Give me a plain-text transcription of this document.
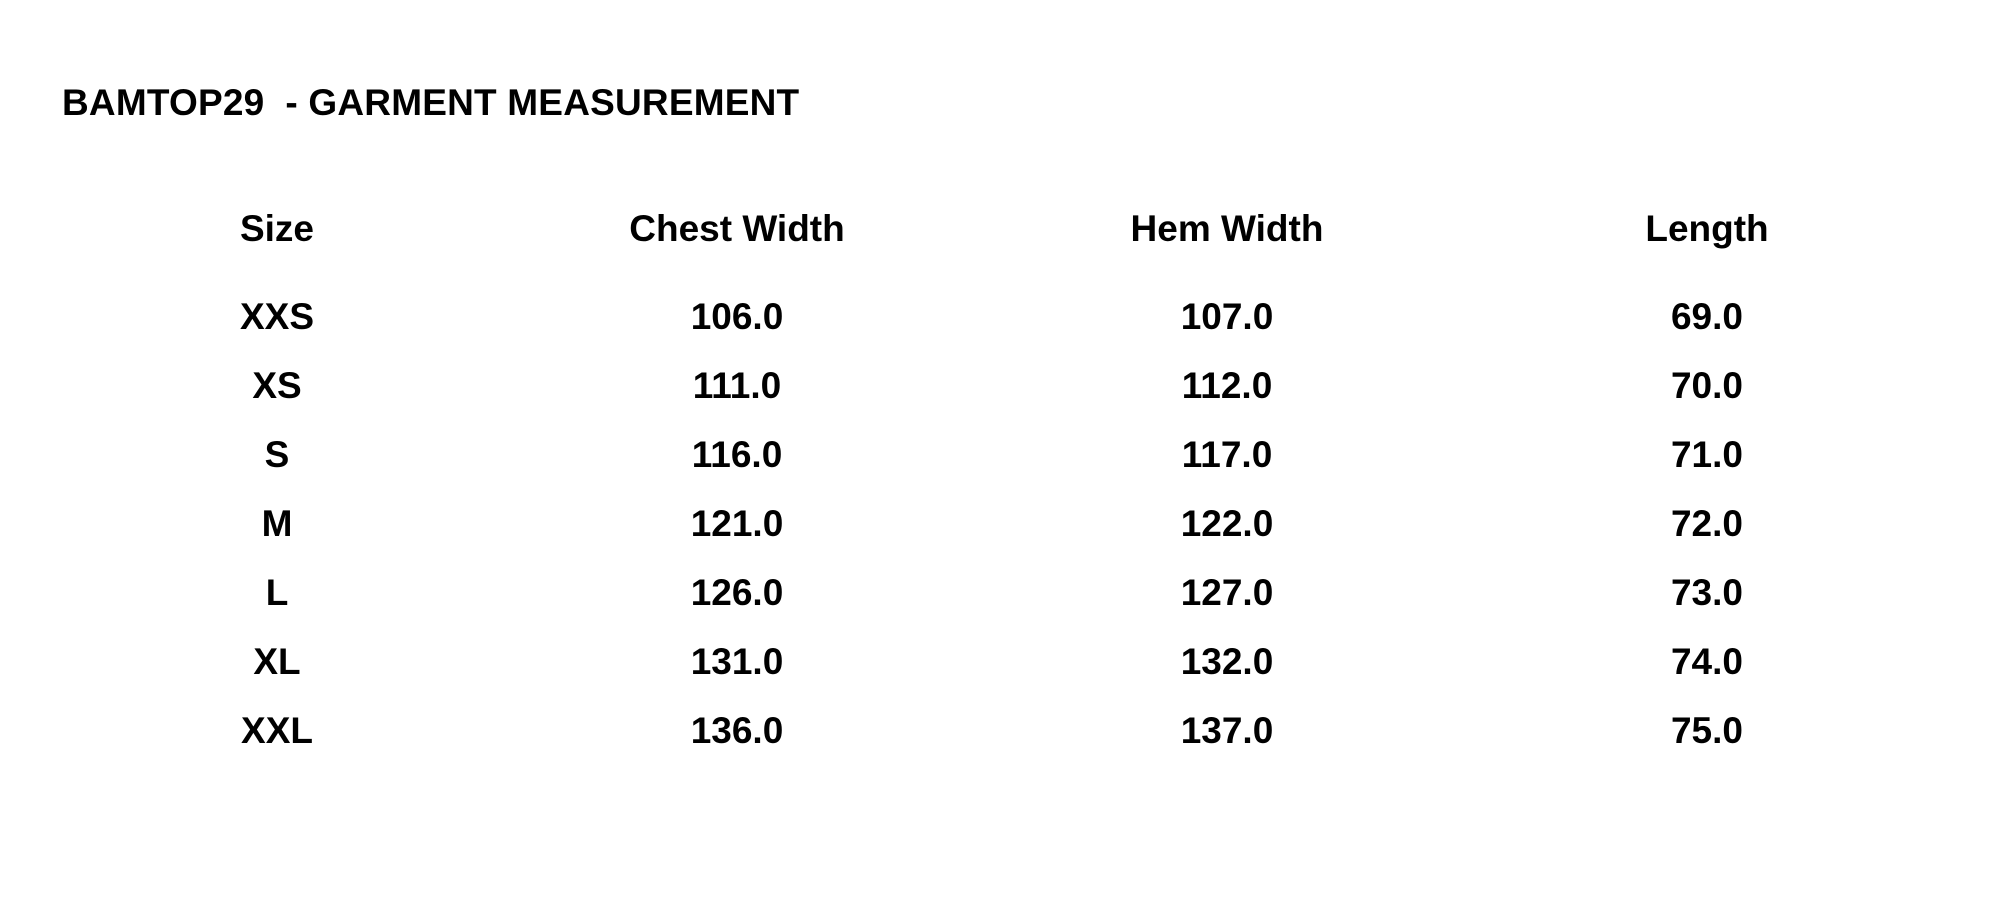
BAMTOP29  - GARMENT MEASUREMENT
Size	Chest Width	Hem Width	Length
XXS	106.0	107.0	69.0
XS	111.0	112.0	70.0
S	116.0	117.0	71.0
M	121.0	122.0	72.0
L	126.0	127.0	73.0
XL	131.0	132.0	74.0
XXL	136.0	137.0	75.0
